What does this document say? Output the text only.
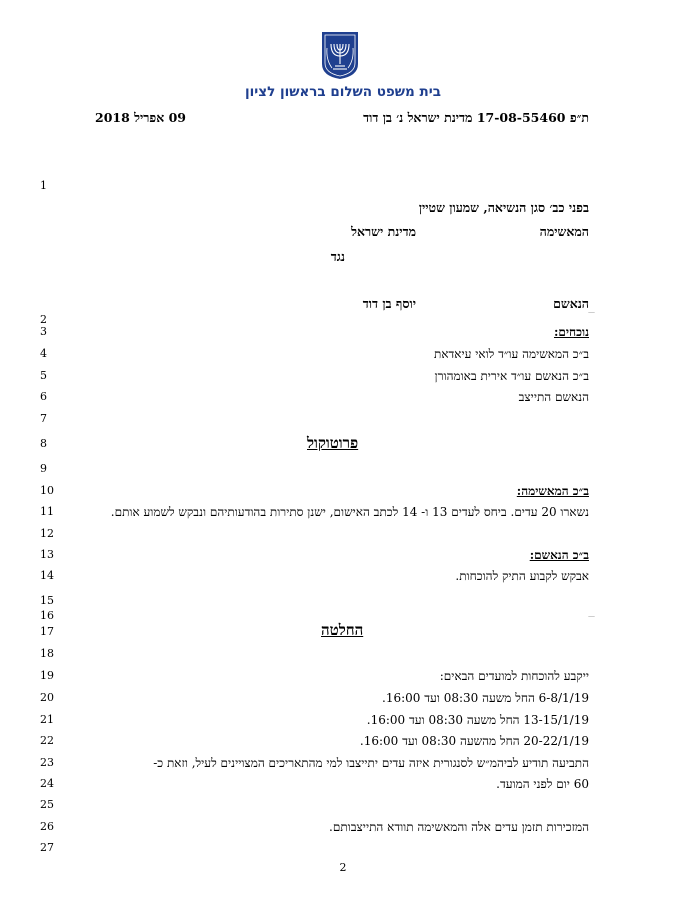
בית משפט השלום בראשון לציון
ת״פ 17-08-55460 מדינת ישראל נ׳ בן דוד
09 אפריל 2018
1
2
3
4
5
6
7
8
9
10
11
12
13
14
15
16
17
18
19
20
21
22
23
24
25
26
27
בפני כב׳ סגן הנשיאה, שמעון שטיין
המאשימה
מדינת ישראל
נגד
הנאשם
יוסף בן דוד
—
נוכחים:
ב״כ המאשימה עו״ד לואי עיאדאת
ב״כ הנאשם עו״ד אירית באומהורן
הנאשם התייצב
פרוטוקול
ב״כ המאשימה:
נשארו 20 עדים. ביחס לעדים 13 ו- 14 לכתב האישום, ישנן סתירות בהודעותיהם ונבקש לשמוע אותם.
ב״כ הנאשם:
אבקש לקבוע התיק להוכחות.
—
החלטה
ייקבע להוכחות למועדים הבאים:
6-8/1/19 החל משעה 08:30 ועד 16:00.
13-15/1/19 החל משעה 08:30 ועד 16:00.
20-22/1/19 החל מהשעה 08:30 ועד 16:00.
התביעה תודיע לביהמ״ש לסנגורית איזה עדים יתייצבו למי מהתאריכים המצויינים לעיל, וזאת כ-
60 יום לפני המועד.
המזכירות תזמן עדים אלה והמאשימה תוודא התייצבותם.
2
